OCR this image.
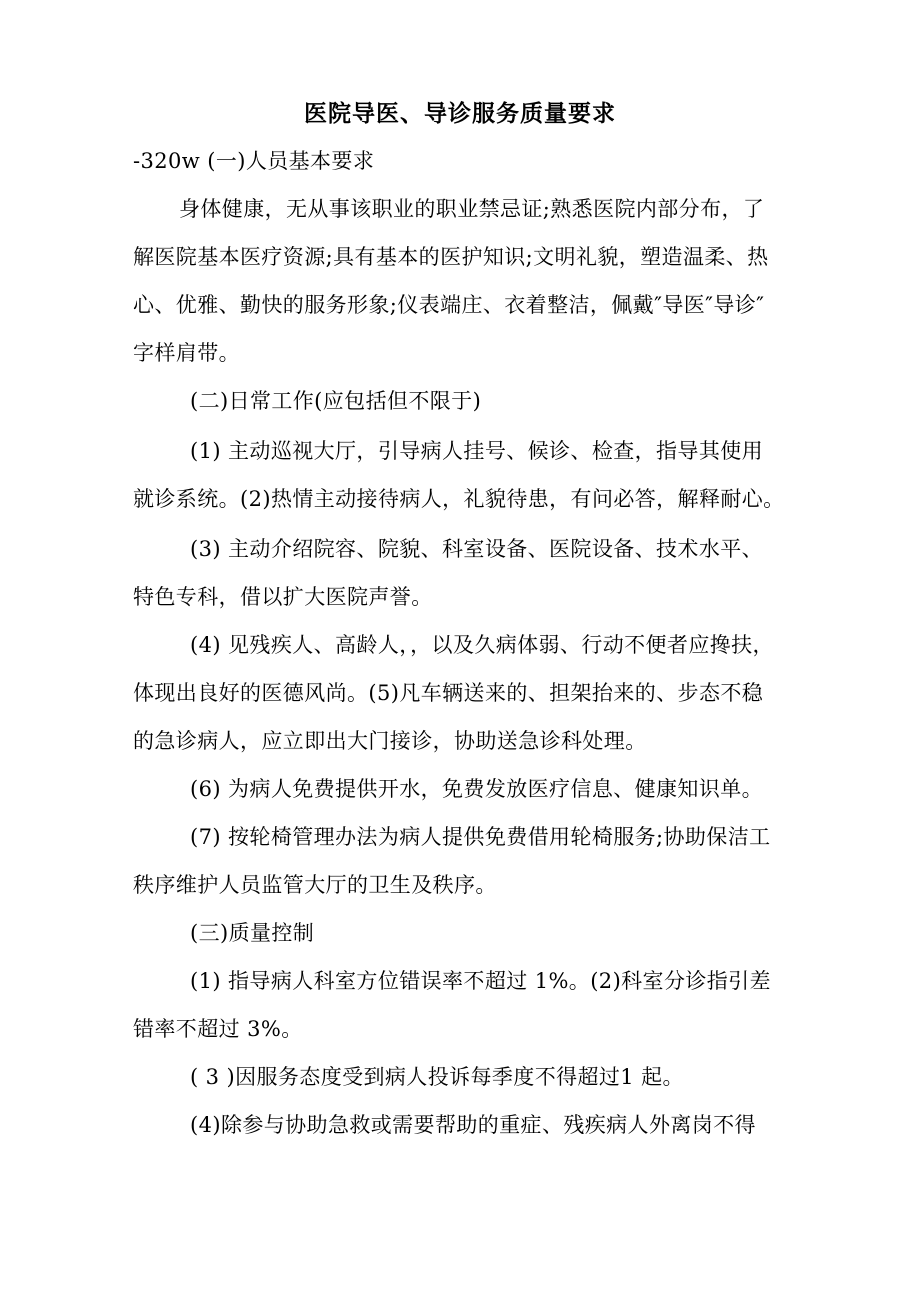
医院导医、导诊服务质量要求
-320w (一)人员基本要求
身体健康，无从事该职业的职业禁忌证;熟悉医院内部分布，了
解医院基本医疗资源;具有基本的医护知识;文明礼貌，塑造温柔、热
心、优雅、勤快的服务形象;仪表端庄、衣着整洁，佩戴″导医″导诊″
字样肩带。
(二)日常工作(应包括但不限于)
(1) 主动巡视大厅，引导病人挂号、候诊、检查，指导其使用
就诊系统。(2)热情主动接待病人，礼貌待患，有问必答，解释耐心。
(3) 主动介绍院容、院貌、科室设备、医院设备、技术水平、
特色专科，借以扩大医院声誉。
(4) 见残疾人、高龄人，，以及久病体弱、行动不便者应搀扶，
体现出良好的医德风尚。(5)凡车辆送来的、担架抬来的、步态不稳
的急诊病人，应立即出大门接诊，协助送急诊科处理。
(6) 为病人免费提供开水，免费发放医疗信息、健康知识单。
(7) 按轮椅管理办法为病人提供免费借用轮椅服务;协助保洁工
秩序维护人员监管大厅的卫生及秩序。
(三)质量控制
(1) 指导病人科室方位错误率不超过 1%。(2)科室分诊指引差
错率不超过 3%。
( 3 )因服务态度受到病人投诉每季度不得超过1 起。
(4)除参与协助急救或需要帮助的重症、残疾病人外离岗不得
